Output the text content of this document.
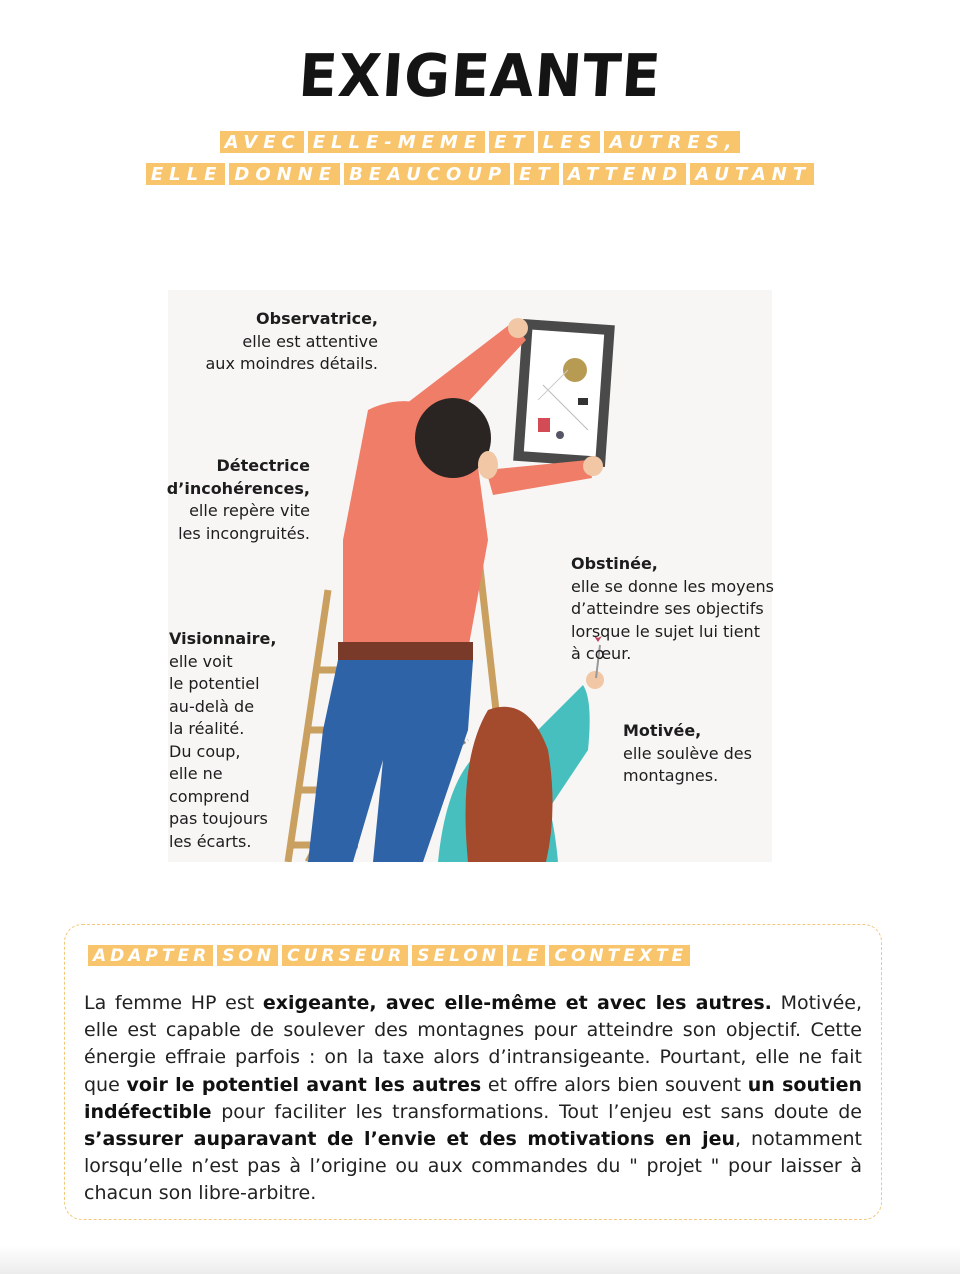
EXIGEANTE
AVEC ELLE-MEME ET LES AUTRES,
ELLE DONNE BEAUCOUP ET ATTEND AUTANT
Observatrice,
elle est attentive
aux moindres détails.
Détectrice
d’incohérences,
elle repère vite
les incongruités.
Visionnaire,
elle voit
le potentiel
au-delà de
la réalité.
Du coup,
elle ne
comprend
pas toujours
les écarts.
Obstinée,
elle se donne les moyens
d’atteindre ses objectifs
lorsque le sujet lui tient
à cœur.
Motivée,
elle soulève des
montagnes.
ADAPTER SON CURSEUR SELON LE CONTEXTE
La femme HP est exigeante, avec elle-même et avec les autres. Motivée, elle est capable de soulever des montagnes pour atteindre son objectif. Cette énergie effraie parfois : on la taxe alors d’intransigeante. Pourtant, elle ne fait que voir le potentiel avant les autres et offre alors bien souvent un soutien indéfectible pour faciliter les transformations. Tout l’enjeu est sans doute de s’assurer auparavant de l’envie et des motivations en jeu, notamment lorsqu’elle n’est pas à l’origine ou aux commandes du " projet " pour laisser à chacun son libre-arbitre.
